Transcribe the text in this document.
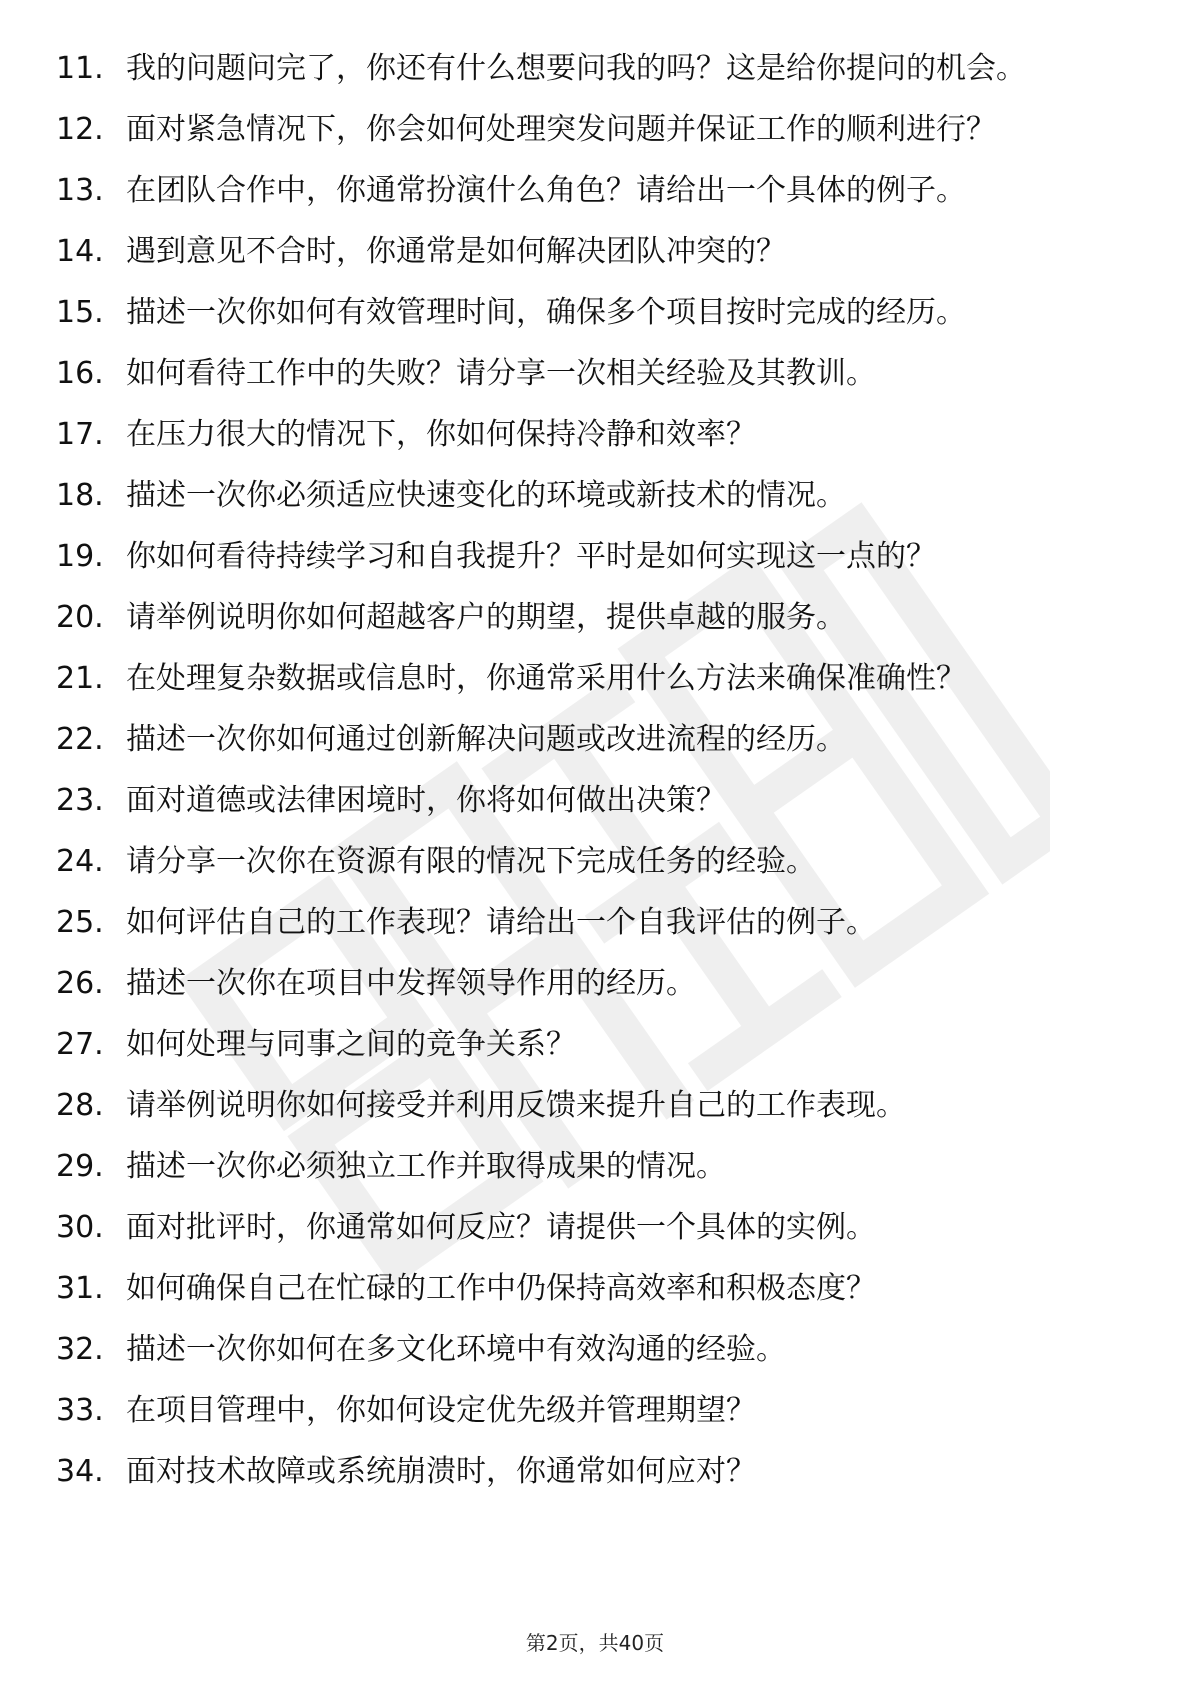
11. 我的问题问完了，你还有什么想要问我的吗？这是给你提问的机会。
12. 面对紧急情况下，你会如何处理突发问题并保证工作的顺利进行？
13. 在团队合作中，你通常扮演什么角色？请给出一个具体的例子。
14. 遇到意见不合时，你通常是如何解决团队冲突的？
15. 描述一次你如何有效管理时间，确保多个项目按时完成的经历。
16. 如何看待工作中的失败？请分享一次相关经验及其教训。
17. 在压力很大的情况下，你如何保持冷静和效率？
18. 描述一次你必须适应快速变化的环境或新技术的情况。
19. 你如何看待持续学习和自我提升？平时是如何实现这一点的？
20. 请举例说明你如何超越客户的期望，提供卓越的服务。
21. 在处理复杂数据或信息时，你通常采用什么方法来确保准确性？
22. 描述一次你如何通过创新解决问题或改进流程的经历。
23. 面对道德或法律困境时，你将如何做出决策？
24. 请分享一次你在资源有限的情况下完成任务的经验。
25. 如何评估自己的工作表现？请给出一个自我评估的例子。
26. 描述一次你在项目中发挥领导作用的经历。
27. 如何处理与同事之间的竞争关系？
28. 请举例说明你如何接受并利用反馈来提升自己的工作表现。
29. 描述一次你必须独立工作并取得成果的情况。
30. 面对批评时，你通常如何反应？请提供一个具体的实例。
31. 如何确保自己在忙碌的工作中仍保持高效率和积极态度？
32. 描述一次你如何在多文化环境中有效沟通的经验。
33. 在项目管理中，你如何设定优先级并管理期望？
34. 面对技术故障或系统崩溃时，你通常如何应对？
第2页，共40页
